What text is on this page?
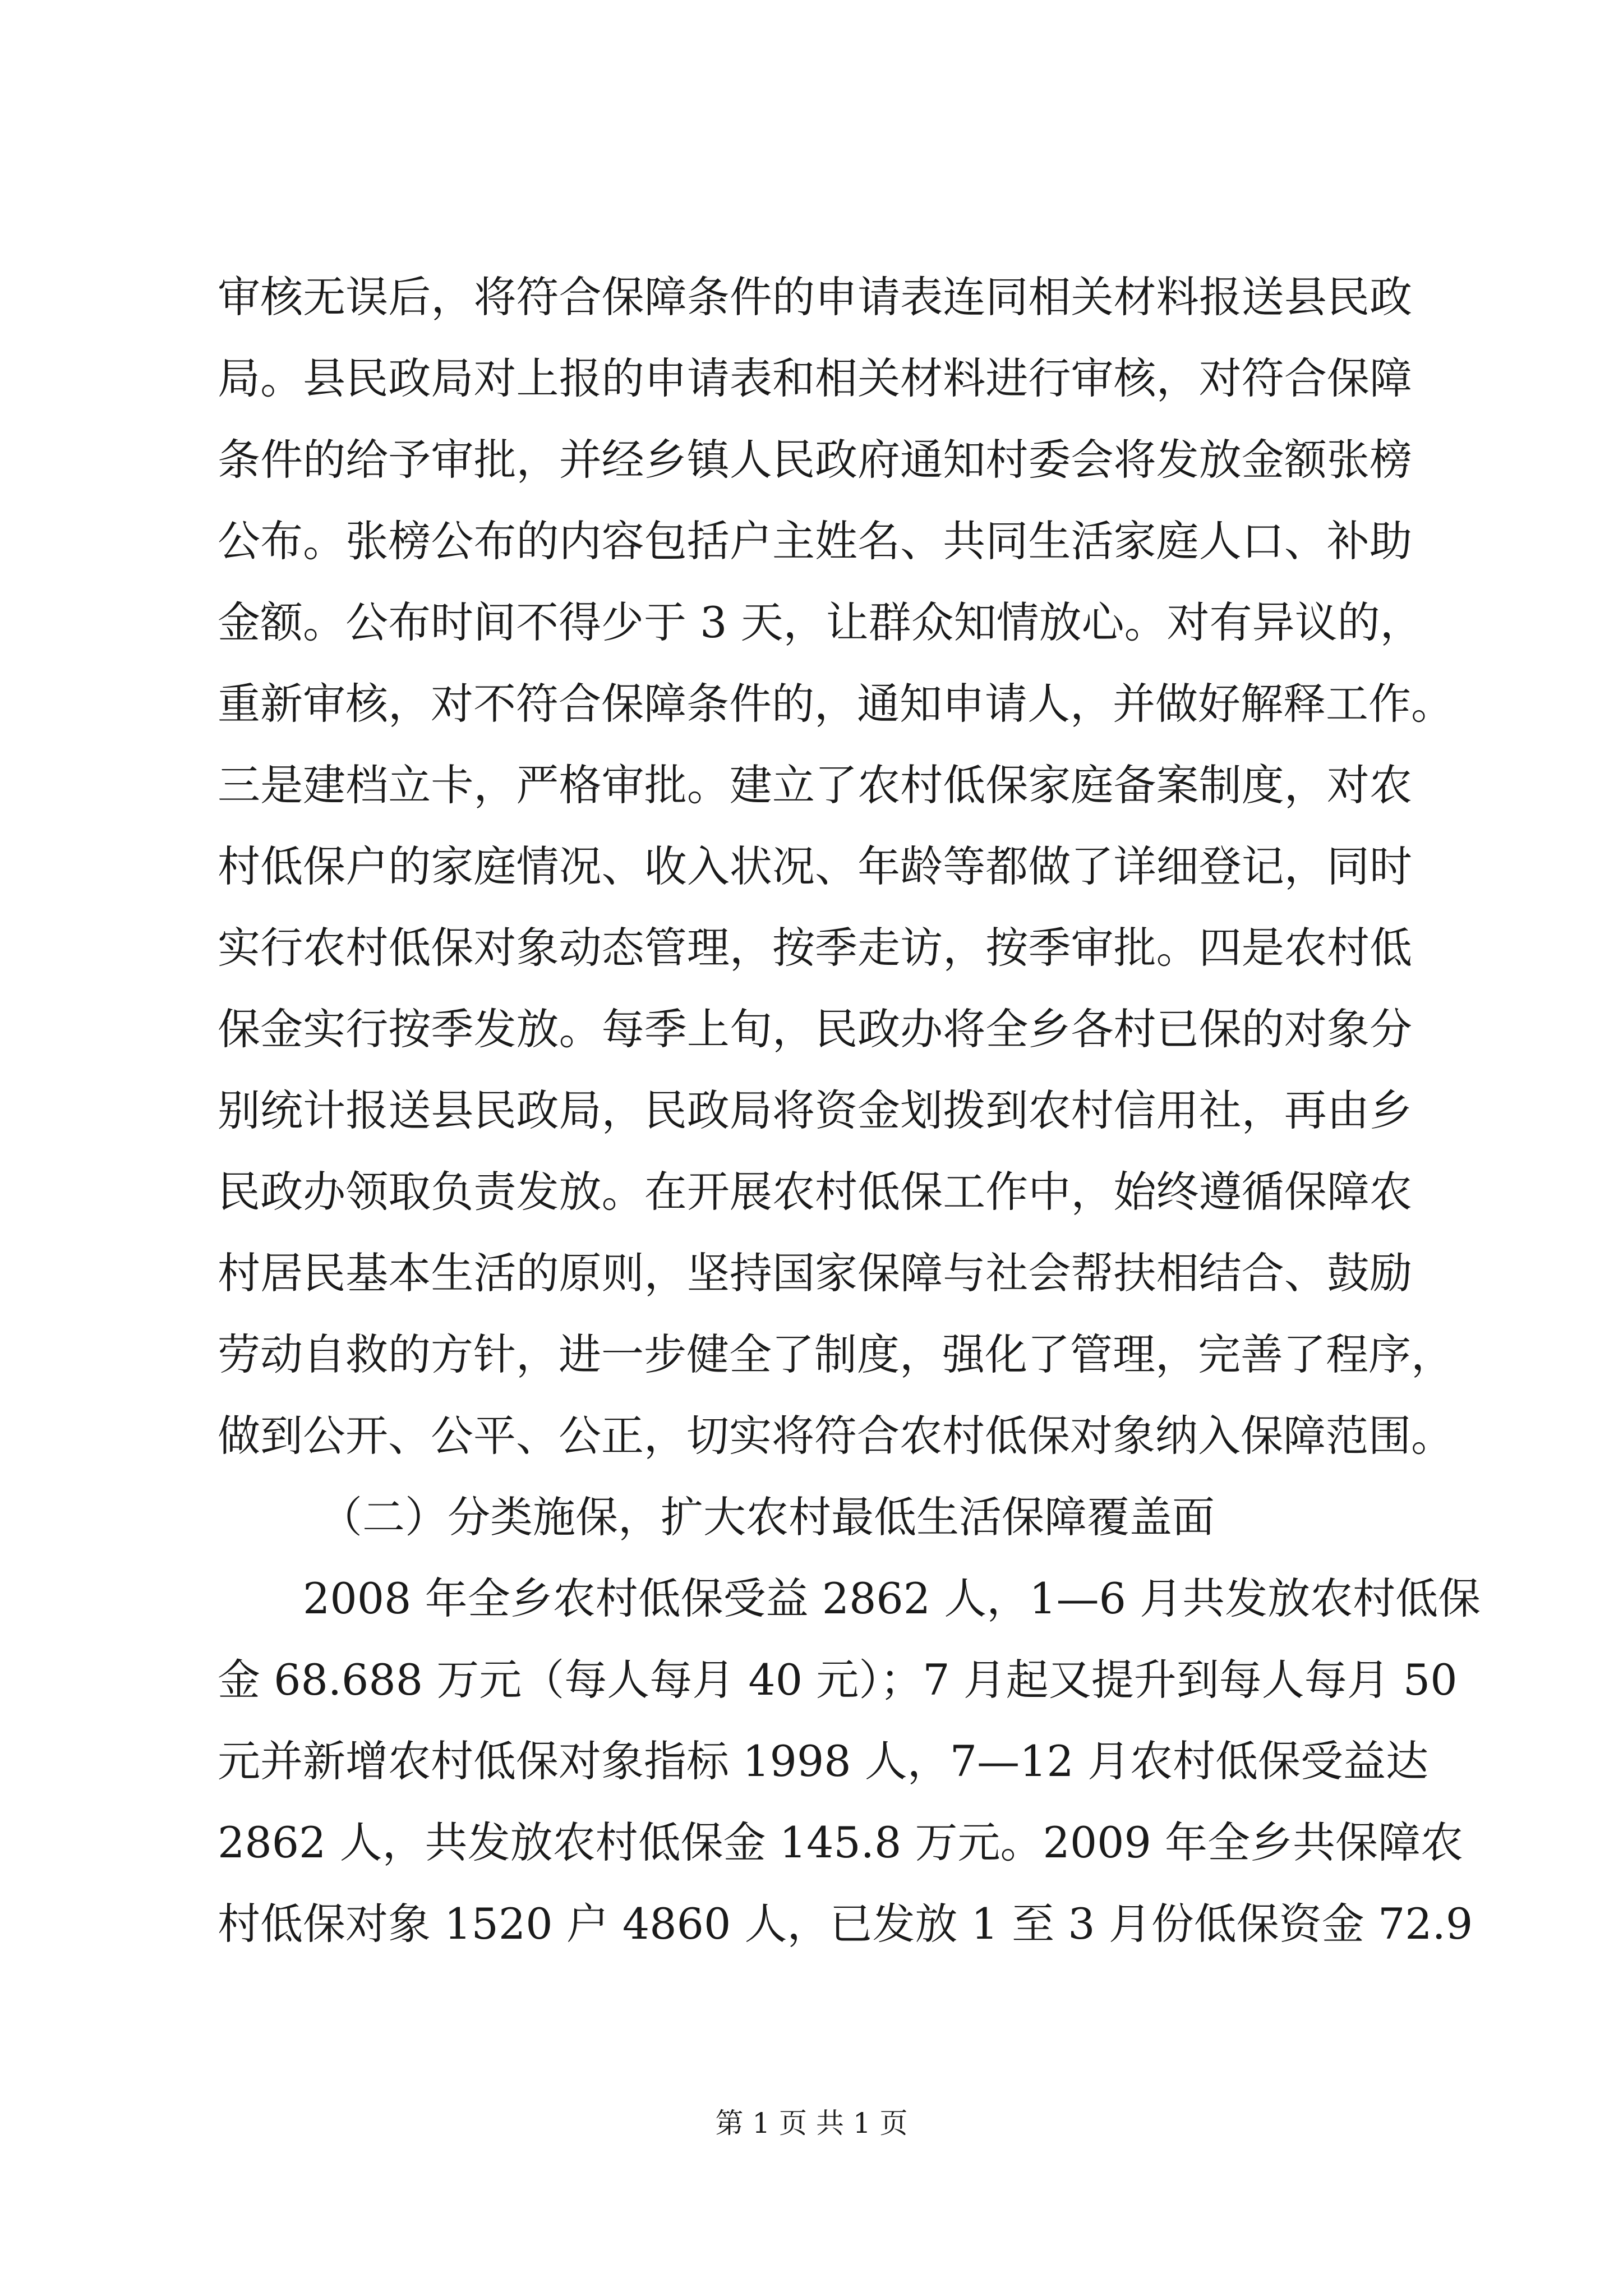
审核无误后，将符合保障条件的申请表连同相关材料报送县民政
局。县民政局对上报的申请表和相关材料进行审核，对符合保障
条件的给予审批，并经乡镇人民政府通知村委会将发放金额张榜
公布。张榜公布的内容包括户主姓名、共同生活家庭人口、补助
金额。公布时间不得少于 3 天，让群众知情放心。对有异议的，
重新审核，对不符合保障条件的，通知申请人，并做好解释工作。
三是建档立卡，严格审批。建立了农村低保家庭备案制度，对农
村低保户的家庭情况、收入状况、年龄等都做了详细登记，同时
实行农村低保对象动态管理，按季走访，按季审批。四是农村低
保金实行按季发放。每季上旬，民政办将全乡各村已保的对象分
别统计报送县民政局，民政局将资金划拨到农村信用社，再由乡
民政办领取负责发放。在开展农村低保工作中，始终遵循保障农
村居民基本生活的原则，坚持国家保障与社会帮扶相结合、鼓励
劳动自救的方针，进一步健全了制度，强化了管理，完善了程序，
做到公开、公平、公正，切实将符合农村低保对象纳入保障范围。
（二）分类施保，扩大农村最低生活保障覆盖面
2008 年全乡农村低保受益 2862 人，1—6 月共发放农村低保
金 68.688 万元（每人每月 40 元）；7 月起又提升到每人每月 50
元并新增农村低保对象指标 1998 人，7—12 月农村低保受益达
2862 人，共发放农村低保金 145.8 万元。2009 年全乡共保障农
村低保对象 1520 户 4860 人，已发放 1 至 3 月份低保资金 72.9
第 1 页 共 1 页
